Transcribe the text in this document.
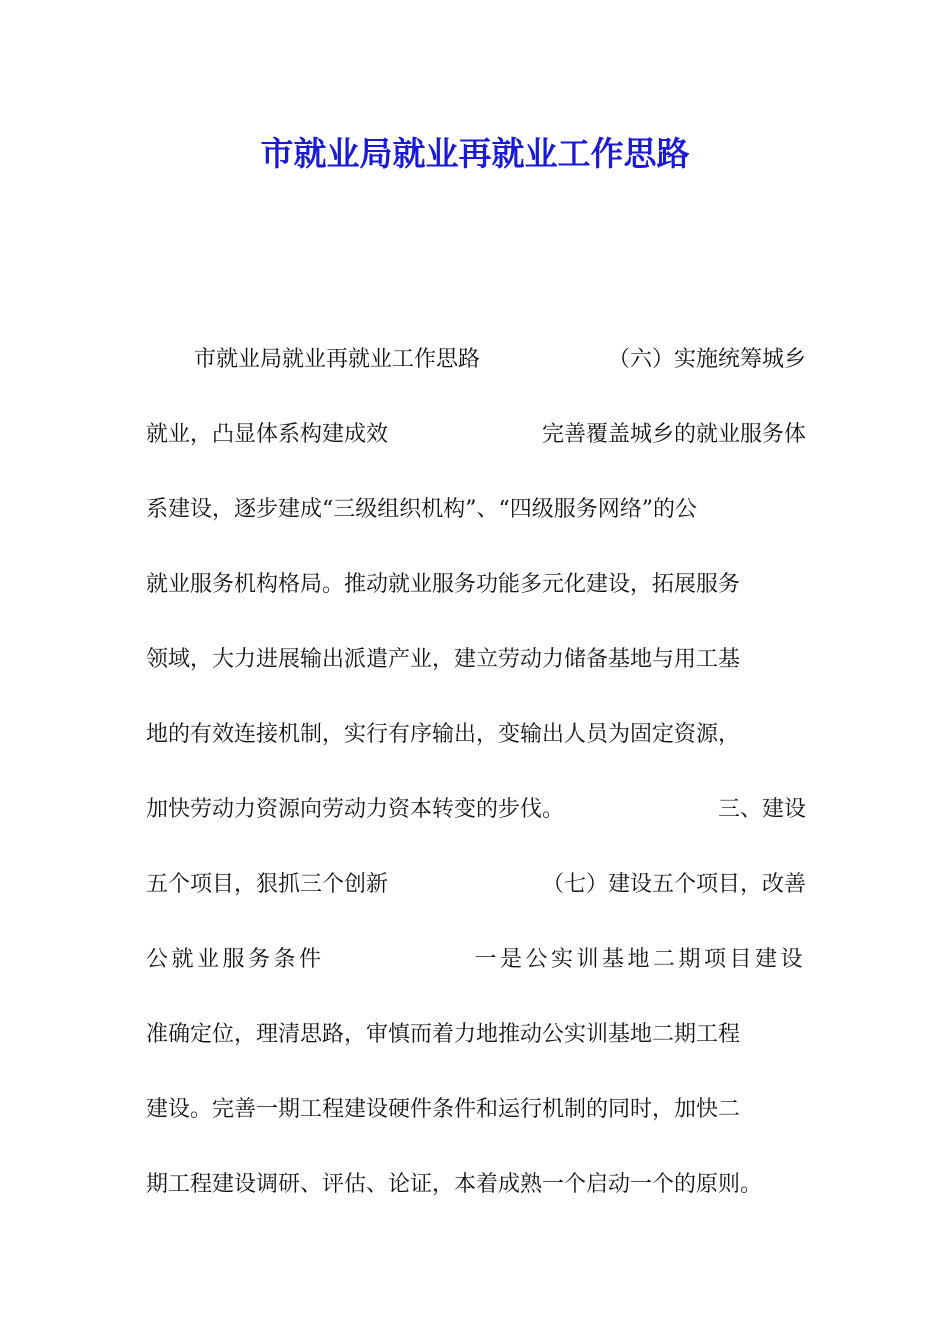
市就业局就业再就业工作思路
市就业局就业再就业工作思路	（六）实施统筹城乡
就业，凸显体系构建成效	完善覆盖城乡的就业服务体
系建设，逐步建成“三级组织机构”、“四级服务网络”的公
就业服务机构格局。推动就业服务功能多元化建设，拓展服务
领域，大力进展输出派遣产业，建立劳动力储备基地与用工基
地的有效连接机制，实行有序输出，变输出人员为固定资源，
加快劳动力资源向劳动力资本转变的步伐。	三、建设
五个项目，狠抓三个创新	（七）建设五个项目，改善
公就业服务条件	一是公实训基地二期项目建设
准确定位，理清思路，审慎而着力地推动公实训基地二期工程
建设。完善一期工程建设硬件条件和运行机制的同时，加快二
期工程建设调研、评估、论证，本着成熟一个启动一个的原则。
